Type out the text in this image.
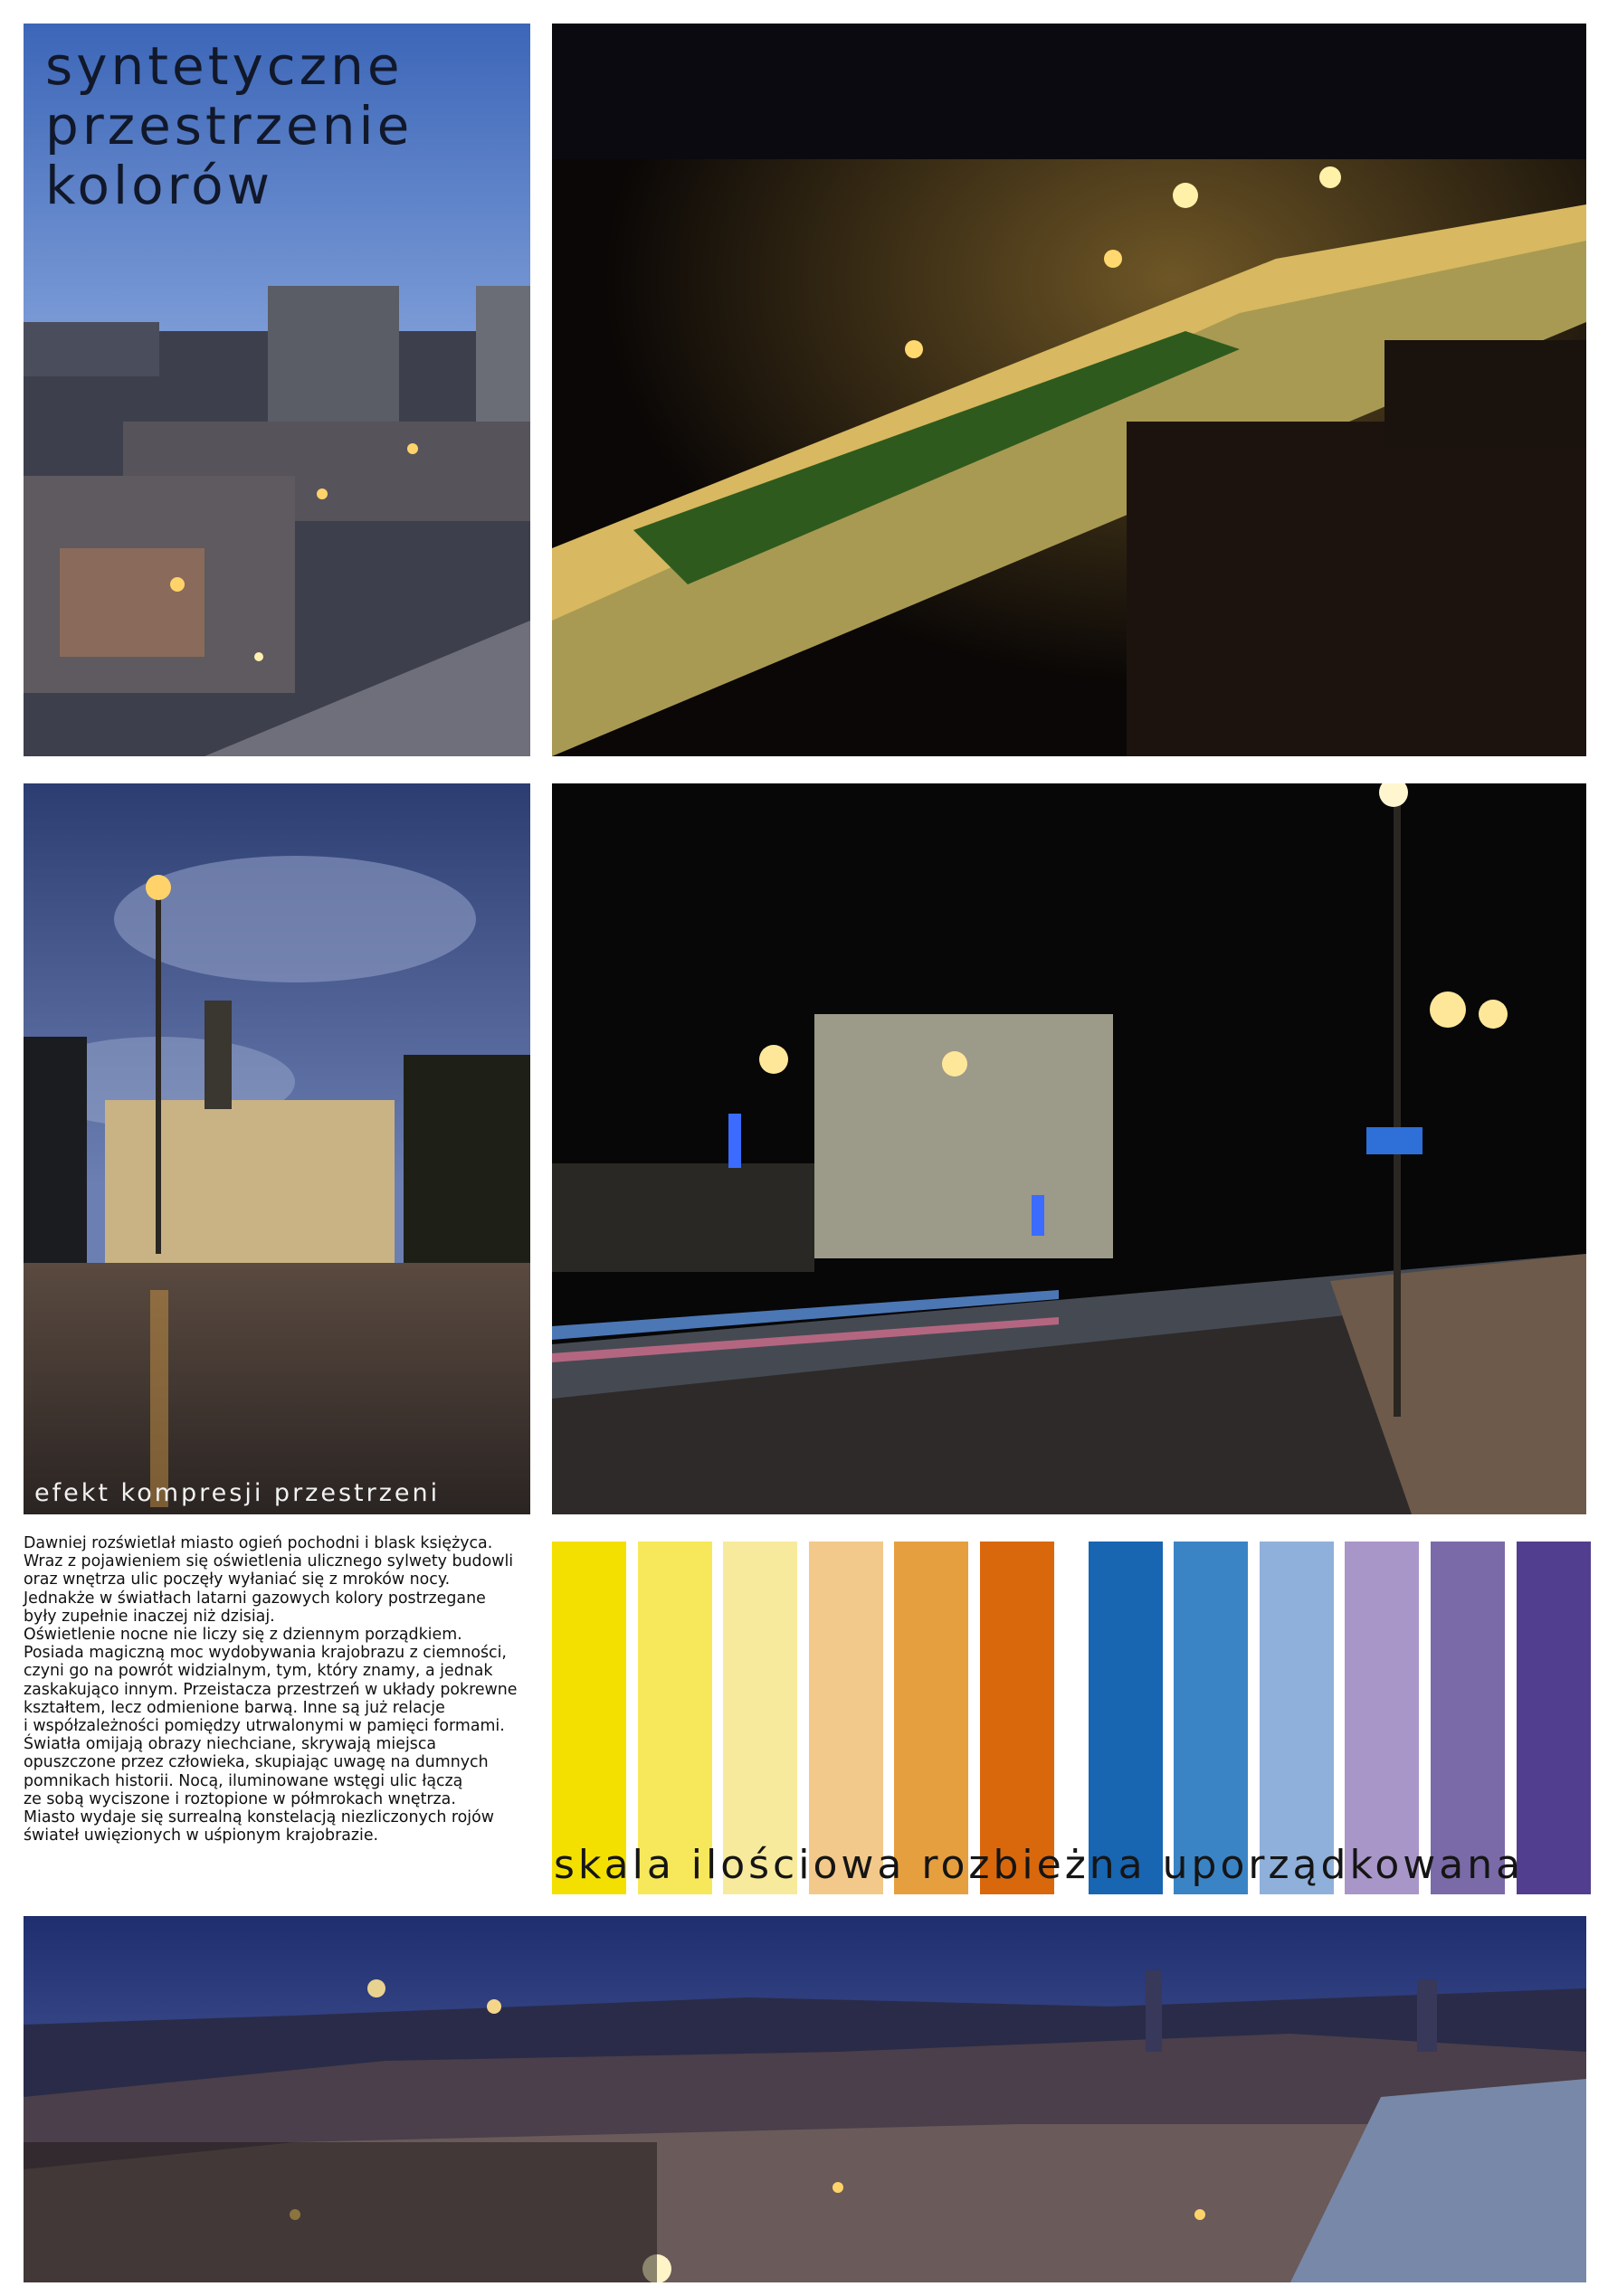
syntetyczne
przestrzenie
kolorów

efekt kompresji przestrzeni

Dawniej rozświetlał miasto ogień pochodni i blask księżyca.
Wraz z pojawieniem się oświetlenia ulicznego sylwety budowli
oraz wnętrza ulic poczęły wyłaniać się z mroków nocy.
Jednakże w światłach latarni gazowych kolory postrzegane
były zupełnie inaczej niż dzisiaj.
Oświetlenie nocne nie liczy się z dziennym porządkiem.
Posiada magiczną moc wydobywania krajobrazu z ciemności,
czyni go na powrót widzialnym, tym, który znamy, a jednak
zaskakująco innym. Przeistacza przestrzeń w układy pokrewne
kształtem, lecz odmienione barwą. Inne są już relacje
i współzależności pomiędzy utrwalonymi w pamięci formami.
Światła omijają obrazy niechciane, skrywają miejsca
opuszczone przez człowieka, skupiając uwagę na dumnych
pomnikach historii. Nocą, iluminowane wstęgi ulic łączą
ze sobą wyciszone i roztopione w półmrokach wnętrza.
Miasto wydaje się surrealną konstelacją niezliczonych rojów
świateł uwięzionych w uśpionym krajobrazie.

skala ilościowa rozbieżna uporządkowana
